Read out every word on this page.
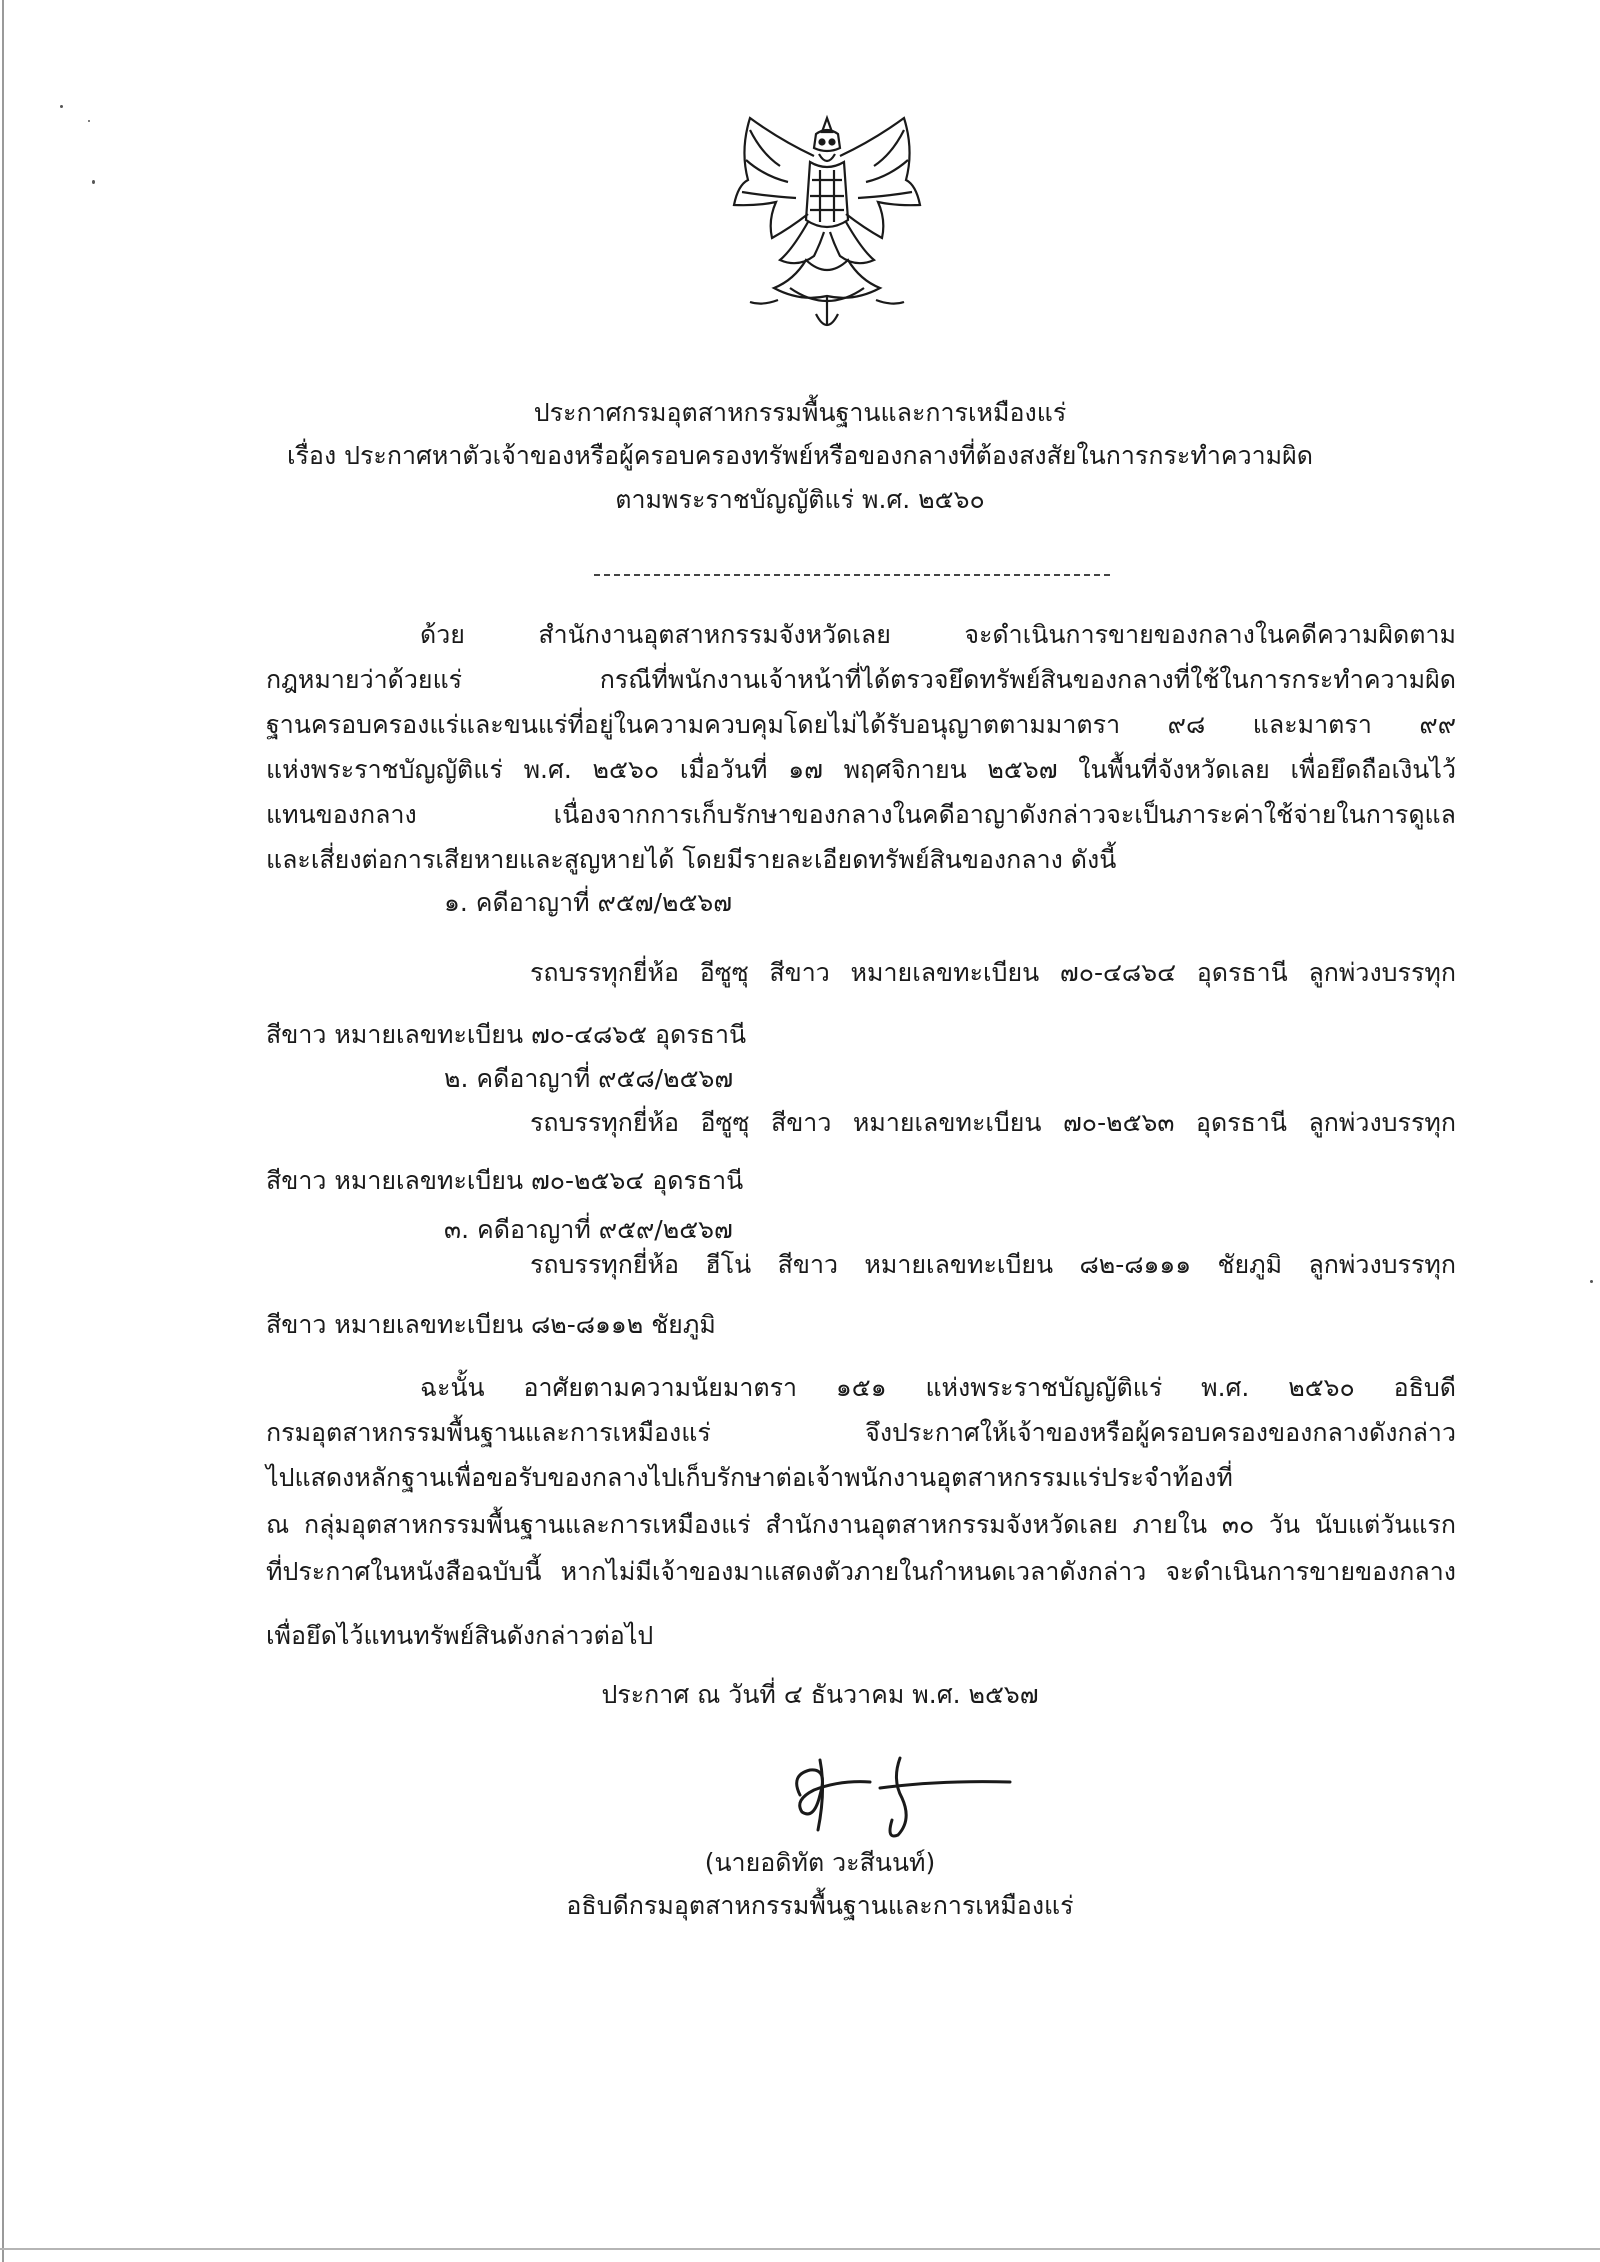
ประกาศกรมอุตสาหกรรมพื้นฐานและการเหมืองแร่
เรื่อง ประกาศหาตัวเจ้าของหรือผู้ครอบครองทรัพย์หรือของกลางที่ต้องสงสัยในการกระทำความผิด
ตามพระราชบัญญัติแร่ พ.ศ. ๒๕๖๐
ด้วย สำนักงานอุตสาหกรรมจังหวัดเลย จะดำเนินการขายของกลางในคดีความผิดตาม
กฎหมายว่าด้วยแร่ กรณีที่พนักงานเจ้าหน้าที่ได้ตรวจยึดทรัพย์สินของกลางที่ใช้ในการกระทำความผิด
ฐานครอบครองแร่และขนแร่ที่อยู่ในความควบคุมโดยไม่ได้รับอนุญาตตามมาตรา ๙๘ และมาตรา ๙๙
แห่งพระราชบัญญัติแร่ พ.ศ. ๒๕๖๐ เมื่อวันที่ ๑๗ พฤศจิกายน ๒๕๖๗ ในพื้นที่จังหวัดเลย เพื่อยึดถือเงินไว้
แทนของกลาง เนื่องจากการเก็บรักษาของกลางในคดีอาญาดังกล่าวจะเป็นภาระค่าใช้จ่ายในการดูแล
และเสี่ยงต่อการเสียหายและสูญหายได้ โดยมีรายละเอียดทรัพย์สินของกลาง ดังนี้
๑. คดีอาญาที่ ๙๕๗/๒๕๖๗
รถบรรทุกยี่ห้อ อีซูซุ สีขาว หมายเลขทะเบียน ๗๐-๔๘๖๔ อุดรธานี ลูกพ่วงบรรทุก
สีขาว หมายเลขทะเบียน ๗๐-๔๘๖๕ อุดรธานี
๒. คดีอาญาที่ ๙๕๘/๒๕๖๗
รถบรรทุกยี่ห้อ อีซูซุ สีขาว หมายเลขทะเบียน ๗๐-๒๕๖๓ อุดรธานี ลูกพ่วงบรรทุก
สีขาว หมายเลขทะเบียน ๗๐-๒๕๖๔ อุดรธานี
๓. คดีอาญาที่ ๙๕๙/๒๕๖๗
รถบรรทุกยี่ห้อ ฮีโน่ สีขาว หมายเลขทะเบียน ๘๒-๘๑๑๑ ชัยภูมิ ลูกพ่วงบรรทุก
สีขาว หมายเลขทะเบียน ๘๒-๘๑๑๒ ชัยภูมิ
ฉะนั้น อาศัยตามความนัยมาตรา ๑๕๑ แห่งพระราชบัญญัติแร่ พ.ศ. ๒๕๖๐ อธิบดี
กรมอุตสาหกรรมพื้นฐานและการเหมืองแร่ จึงประกาศให้เจ้าของหรือผู้ครอบครองของกลางดังกล่าว
ไปแสดงหลักฐานเพื่อขอรับของกลางไปเก็บรักษาต่อเจ้าพนักงานอุตสาหกรรมแร่ประจำท้องที่
ณ กลุ่มอุตสาหกรรมพื้นฐานและการเหมืองแร่ สำนักงานอุตสาหกรรมจังหวัดเลย ภายใน ๓๐ วัน นับแต่วันแรก
ที่ประกาศในหนังสือฉบับนี้ หากไม่มีเจ้าของมาแสดงตัวภายในกำหนดเวลาดังกล่าว จะดำเนินการขายของกลาง
เพื่อยึดไว้แทนทรัพย์สินดังกล่าวต่อไป
ประกาศ ณ วันที่ ๔ ธันวาคม พ.ศ. ๒๕๖๗
(นายอดิทัต วะสีนนท์)
อธิบดีกรมอุตสาหกรรมพื้นฐานและการเหมืองแร่
